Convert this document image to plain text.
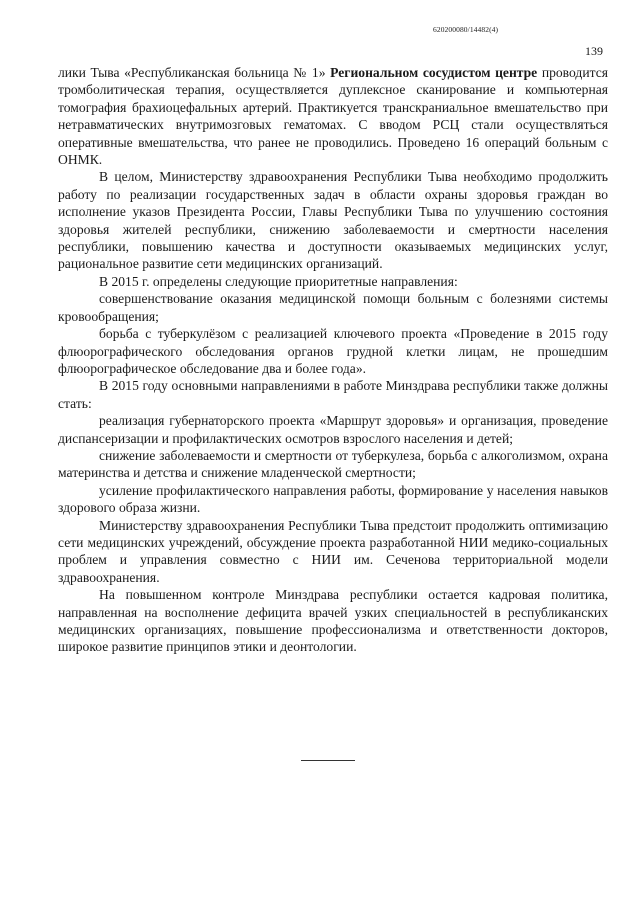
620200080/14482(4)
139

лики Тыва «Республиканская больница № 1» Региональном сосудистом центре проводится тромболитическая терапия, осуществляется дуплексное сканирование и компьютерная томография брахиоцефальных артерий. Практикуется транскраниальное вмешательство при нетравматических внутримозговых гематомах. С вводом РСЦ стали осуществляться оперативные вмешательства, что ранее не проводились. Проведено 16 операций больным с ОНМК.

В целом, Министерству здравоохранения Республики Тыва необходимо продолжить работу по реализации государственных задач в области охраны здоровья граждан во исполнение указов Президента России, Главы Республики Тыва по улучшению состояния здоровья жителей республики, снижению заболеваемости и смертности населения республики, повышению качества и доступности оказываемых медицинских услуг, рациональное развитие сети медицинских организаций.

В 2015 г. определены следующие приоритетные направления:

совершенствование оказания медицинской помощи больным с болезнями системы кровообращения;

борьба с туберкулёзом с реализацией ключевого проекта «Проведение в 2015 году флюорографического обследования органов грудной клетки лицам, не прошедшим флюорографическое обследование два и более года».

В 2015 году основными направлениями в работе Минздрава республики также должны стать:

реализация губернаторского проекта «Маршрут здоровья» и организация, проведение диспансеризации и профилактических осмотров взрослого населения и детей;

снижение заболеваемости и смертности от туберкулеза, борьба с алкоголизмом, охрана материнства и детства и снижение младенческой смертности;

усиление профилактического направления работы, формирование у населения навыков здорового образа жизни.

Министерству здравоохранения Республики Тыва предстоит продолжить оптимизацию сети медицинских учреждений, обсуждение проекта разработанной НИИ медико-социальных проблем и управления совместно с НИИ им. Сеченова территориальной модели здравоохранения.

На повышенном контроле Минздрава республики остается кадровая политика, направленная на восполнение дефицита врачей узких специальностей в республиканских медицинских организациях, повышение профессионализма и ответственности докторов, широкое развитие принципов этики и деонтологии.
